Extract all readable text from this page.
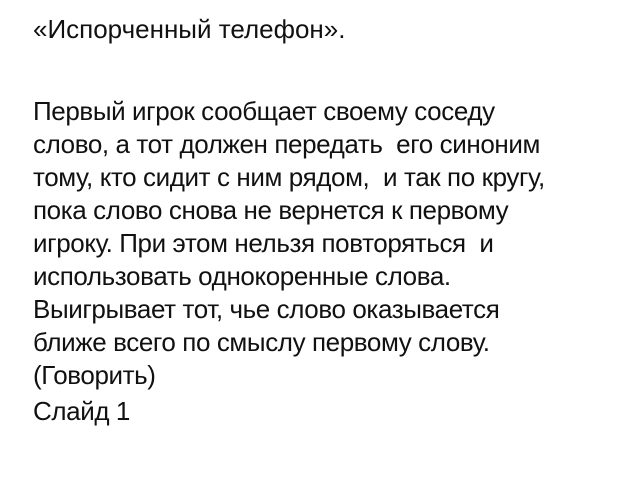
«Испорченный телефон».
Первый игрок сообщает своему соседу
слово, а тот должен передать  его синоним
тому, кто сидит с ним рядом,  и так по кругу,
пока слово снова не вернется к первому
игроку. При этом нельзя повторяться  и
использовать однокоренные слова.
Выигрывает тот, чье слово оказывается
ближе всего по смыслу первому слову.
(Говорить)
Слайд 1
